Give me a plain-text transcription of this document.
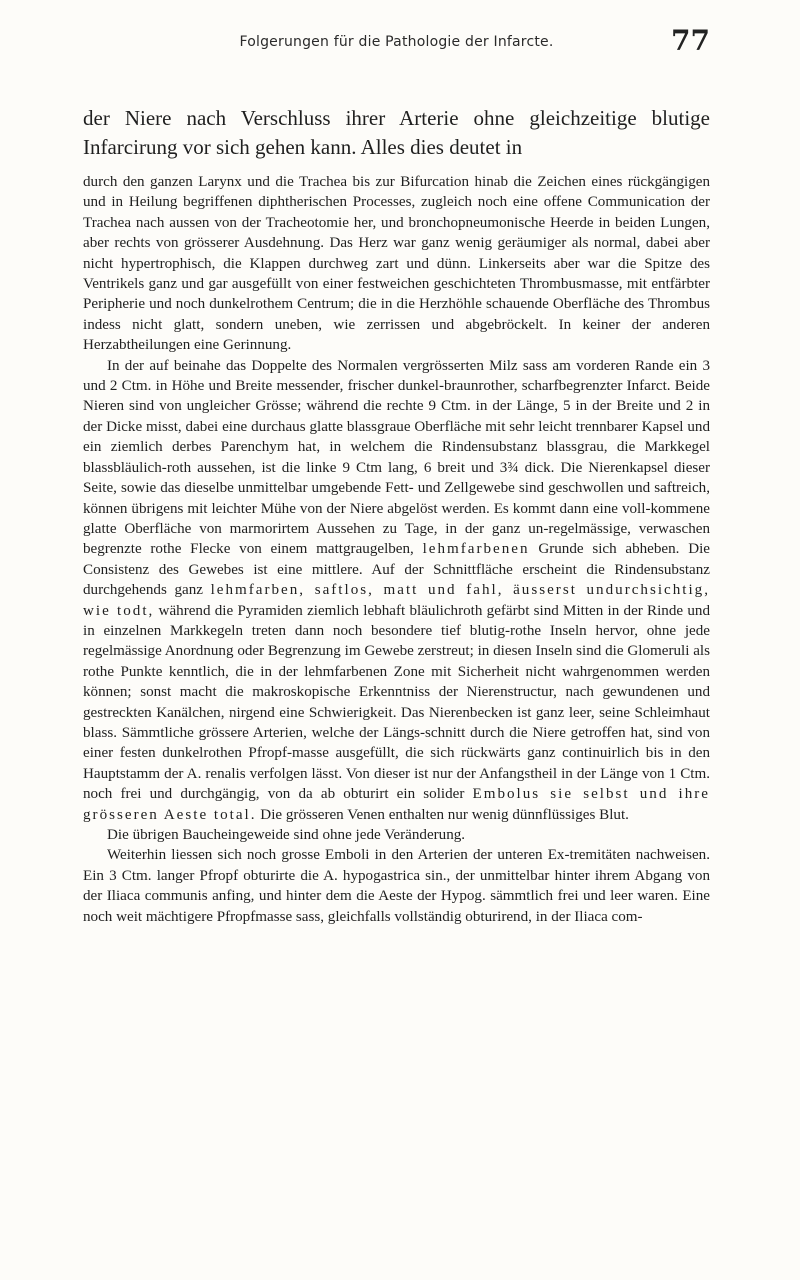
Folgerungen für die Pathologie der Infarcte.	77
der Niere nach Verschluss ihrer Arterie ohne gleichzeitige blutige Infarcirung vor sich gehen kann. Alles dies deutet in

durch den ganzen Larynx und die Trachea bis zur Bifurcation hinab die Zeichen eines rückgängigen und in Heilung begriffenen diphtherischen Processes, zugleich noch eine offene Communication der Trachea nach aussen von der Tracheotomie her, und bronchopneumonische Heerde in beiden Lungen, aber rechts von grösserer Ausdehnung. Das Herz war ganz wenig geräumiger als normal, dabei aber nicht hypertrophisch, die Klappen durchweg zart und dünn. Linkerseits aber war die Spitze des Ventrikels ganz und gar ausgefüllt von einer festweichen geschichteten Thrombusmasse, mit entfärbter Peripherie und noch dunkelrothem Centrum; die in die Herzhöhle schauende Oberfläche des Thrombus indess nicht glatt, sondern uneben, wie zerrissen und abgebröckelt. In keiner der anderen Herzabtheilungen eine Gerinnung.

In der auf beinahe das Doppelte des Normalen vergrösserten Milz sass am vorderen Rande ein 3 und 2 Ctm. in Höhe und Breite messender, frischer dunkel-braunrother, scharfbegrenzter Infarct. Beide Nieren sind von ungleicher Grösse; während die rechte 9 Ctm. in der Länge, 5 in der Breite und 2 in der Dicke misst, dabei eine durchaus glatte blassgraue Oberfläche mit sehr leicht trennbarer Kapsel und ein ziemlich derbes Parenchym hat, in welchem die Rindensubstanz blassgrau, die Markkegel blassbläulich-roth aussehen, ist die linke 9 Ctm lang, 6 breit und 3¾ dick. Die Nierenkapsel dieser Seite, sowie das dieselbe unmittelbar umgebende Fett- und Zellgewebe sind geschwollen und saftreich, können übrigens mit leichter Mühe von der Niere abgelöst werden. Es kommt dann eine voll-kommene glatte Oberfläche von marmorirtem Aussehen zu Tage, in der ganz un-regelmässige, verwaschen begrenzte rothe Flecke von einem mattgraugelben, lehmfarbenen Grunde sich abheben. Die Consistenz des Gewebes ist eine mittlere. Auf der Schnittfläche erscheint die Rindensubstanz durchgehends ganz lehmfarben, saftlos, matt und fahl, äusserst undurchsichtig, wie todt, während die Pyramiden ziemlich lebhaft bläulichroth gefärbt sind Mitten in der Rinde und in einzelnen Markkegeln treten dann noch besondere tief blutig-rothe Inseln hervor, ohne jede regelmässige Anordnung oder Begrenzung im Gewebe zerstreut; in diesen Inseln sind die Glomeruli als rothe Punkte kenntlich, die in der lehmfarbenen Zone mit Sicherheit nicht wahrgenommen werden können; sonst macht die makroskopische Erkenntniss der Nierenstructur, nach gewundenen und gestreckten Kanälchen, nirgend eine Schwierigkeit. Das Nierenbecken ist ganz leer, seine Schleimhaut blass. Sämmtliche grössere Arterien, welche der Längs-schnitt durch die Niere getroffen hat, sind von einer festen dunkelrothen Pfropf-masse ausgefüllt, die sich rückwärts ganz continuirlich bis in den Hauptstamm der A. renalis verfolgen lässt. Von dieser ist nur der Anfangstheil in der Länge von 1 Ctm. noch frei und durchgängig, von da ab obturirt ein solider Embolus sie selbst und ihre grösseren Aeste total. Die grösseren Venen enthalten nur wenig dünnflüssiges Blut.

Die übrigen Baucheingeweide sind ohne jede Veränderung.

Weiterhin liessen sich noch grosse Emboli in den Arterien der unteren Ex-tremitäten nachweisen. Ein 3 Ctm. langer Pfropf obturirte die A. hypogastrica sin., der unmittelbar hinter ihrem Abgang von der Iliaca communis anfing, und hinter dem die Aeste der Hypog. sämmtlich frei und leer waren. Eine noch weit mächtigere Pfropfmasse sass, gleichfalls vollständig obturirend, in der Iliaca com-
